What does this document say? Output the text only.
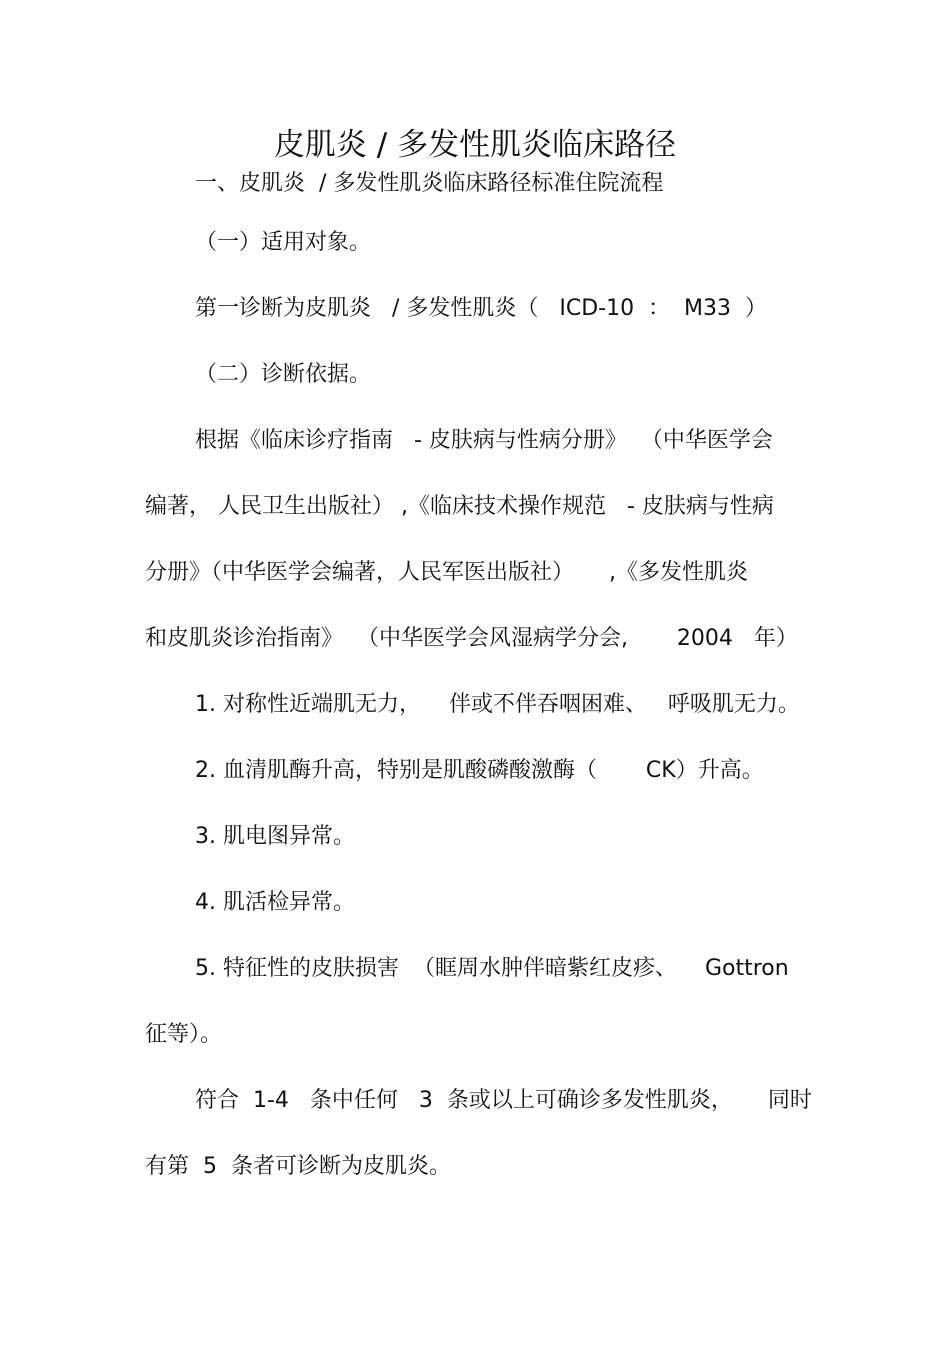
皮肌炎 / 多发性肌炎临床路径

一、皮肌炎  / 多发性肌炎临床路径标准住院流程

（一）适用对象。

第一诊断为皮肌炎   / 多发性肌炎（   ICD-10  ：  M33  ）

（二）诊断依据。

根据《临床诊疗指南   - 皮肤病与性病分册》  （中华医学会

编著， 人民卫生出版社） ,《临床技术操作规范   - 皮肤病与性病

分册》（中华医学会编著，人民军医出版社）     ,《多发性肌炎

和皮肌炎诊治指南》  （中华医学会风湿病学分会,       2004   年）

1. 对称性近端肌无力，    伴或不伴吞咽困难、   呼吸肌无力。

2. 血清肌酶升高，特别是肌酸磷酸激酶（       CK）升高。

3. 肌电图异常。

4. 肌活检异常。

5. 特征性的皮肤损害  （眶周水肿伴暗紫红皮疹、    Gottron

征等）。

符合  1-4   条中任何   3  条或以上可确诊多发性肌炎，     同时

有第  5  条者可诊断为皮肌炎。
